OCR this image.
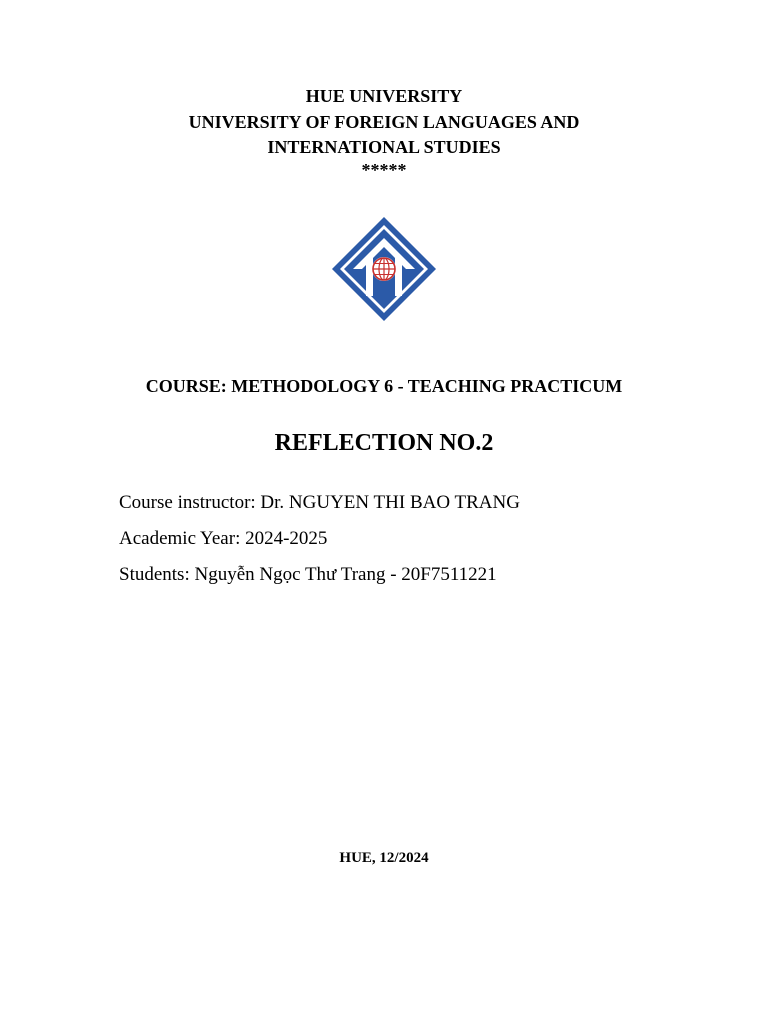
HUE UNIVERSITY
UNIVERSITY OF FOREIGN LANGUAGES AND
INTERNATIONAL STUDIES
*****
COURSE: METHODOLOGY 6 - TEACHING PRACTICUM
REFLECTION NO.2
Course instructor: Dr. NGUYEN THI BAO TRANG
Academic Year: 2024-2025
Students: Nguyễn Ngọc Thư Trang - 20F7511221
HUE, 12/2024
